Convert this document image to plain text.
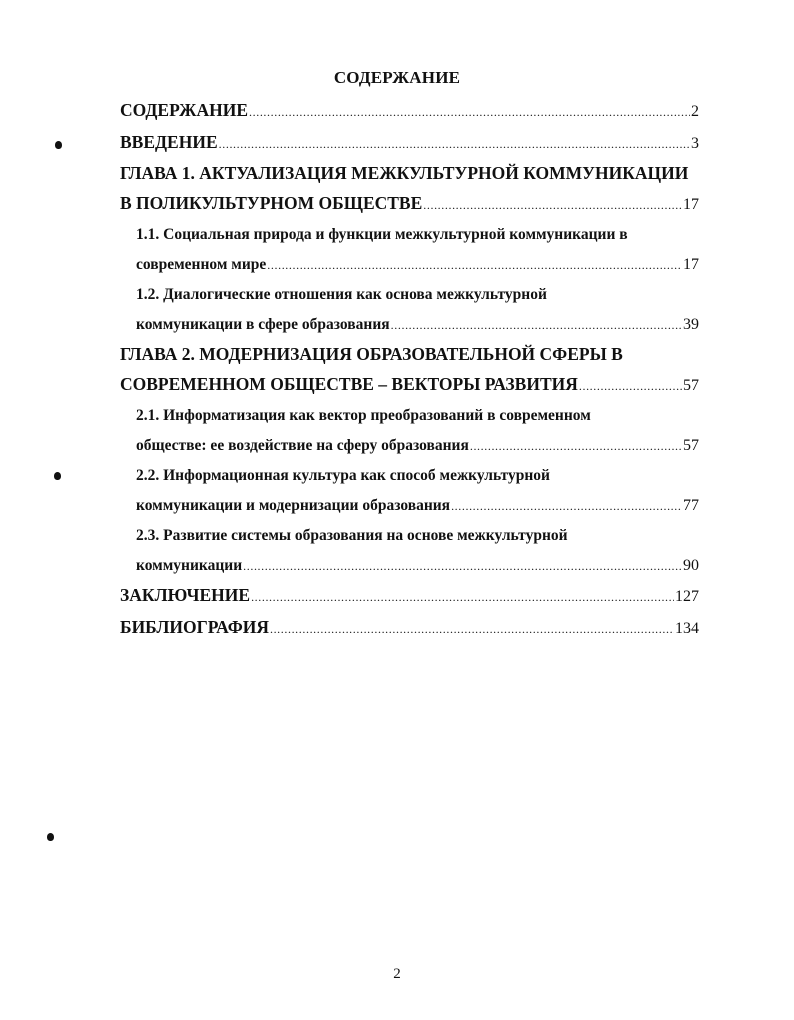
СОДЕРЖАНИЕ
СОДЕРЖАНИЕ .....	2
ВВЕДЕНИЕ .....	3
ГЛАВА 1. АКТУАЛИЗАЦИЯ МЕЖКУЛЬТУРНОЙ КОММУНИКАЦИИ
В ПОЛИКУЛЬТУРНОМ ОБЩЕСТВЕ .....	17
1.1. Социальная природа и функции межкультурной коммуникации в
современном мире .....	17
1.2. Диалогические отношения как основа межкультурной
коммуникации в сфере образования .....	39
ГЛАВА 2. МОДЕРНИЗАЦИЯ ОБРАЗОВАТЕЛЬНОЙ СФЕРЫ В
СОВРЕМЕННОМ ОБЩЕСТВЕ – ВЕКТОРЫ РАЗВИТИЯ .....	57
2.1. Информатизация как вектор преобразований в современном
обществе: ее воздействие на сферу образования .....	57
2.2. Информационная культура как способ межкультурной
коммуникации и модернизации образования .....	77
2.3. Развитие системы образования на основе межкультурной
коммуникации .....	90
ЗАКЛЮЧЕНИЕ .....	127
БИБЛИОГРАФИЯ .....	134
2
